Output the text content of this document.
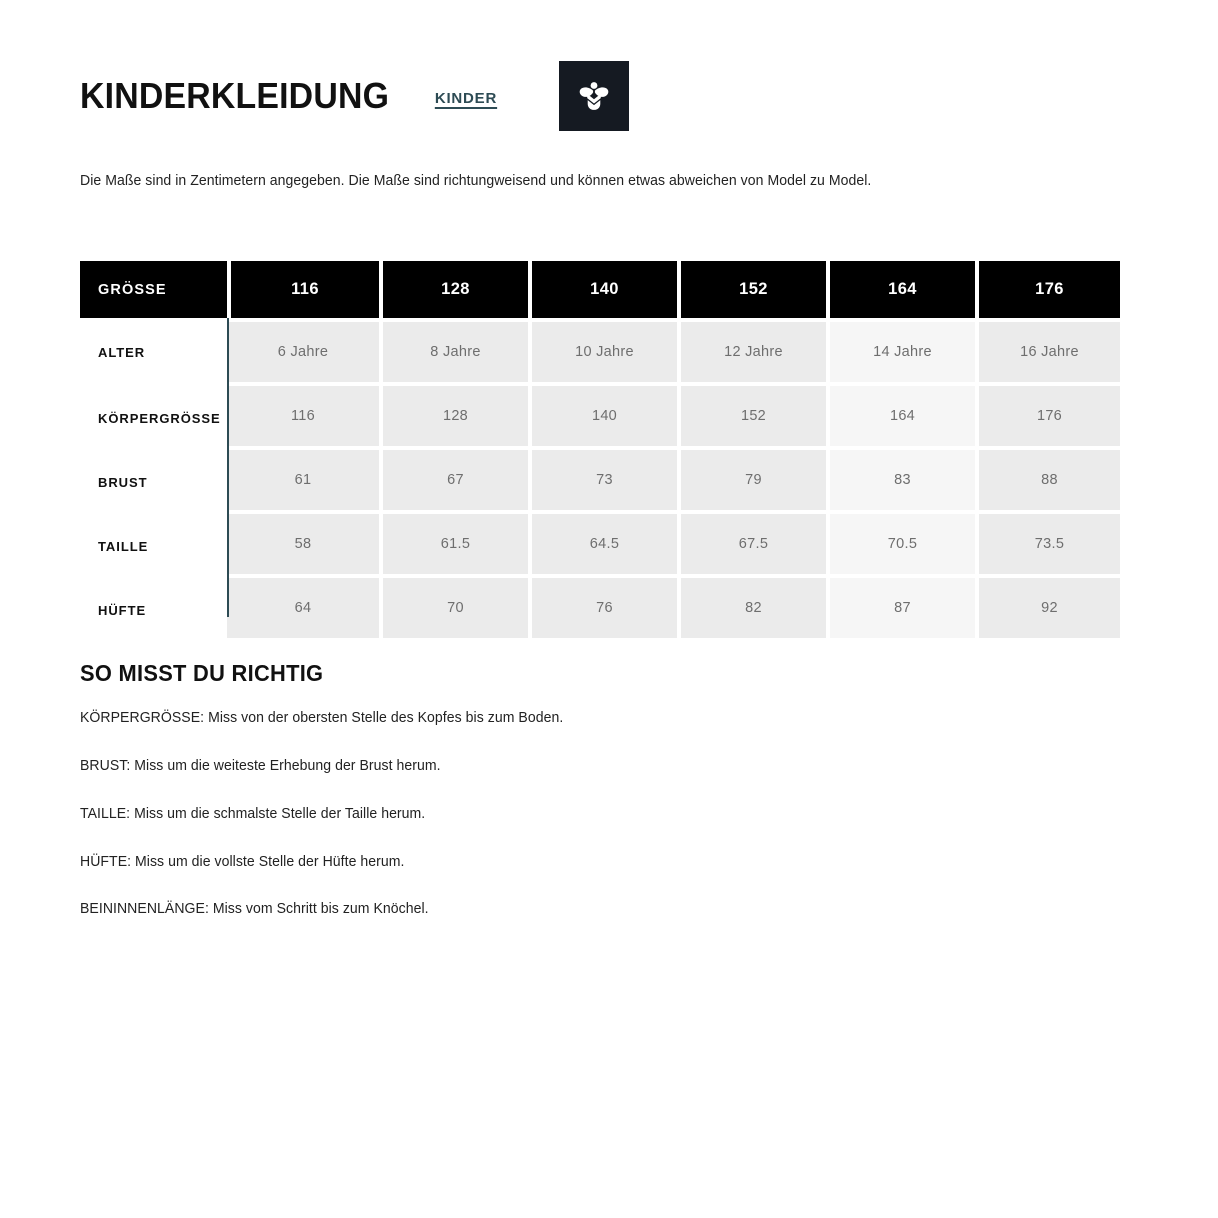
KINDERKLEIDUNG	KINDER
Die Maße sind in Zentimetern angegeben. Die Maße sind richtungweisend und können etwas abweichen von Model zu Model.
GRÖSSE	116	128	140	152	164	176
ALTER	6 Jahre	8 Jahre	10 Jahre	12 Jahre	14 Jahre	16 Jahre
KÖRPERGRÖSSE	116	128	140	152	164	176
BRUST	61	67	73	79	83	88
TAILLE	58	61.5	64.5	67.5	70.5	73.5
HÜFTE	64	70	76	82	87	92
SO MISST DU RICHTIG
KÖRPERGRÖSSE: Miss von der obersten Stelle des Kopfes bis zum Boden.
BRUST: Miss um die weiteste Erhebung der Brust herum.
TAILLE: Miss um die schmalste Stelle der Taille herum.
HÜFTE: Miss um die vollste Stelle der Hüfte herum.
BEININNENLÄNGE: Miss vom Schritt bis zum Knöchel.
